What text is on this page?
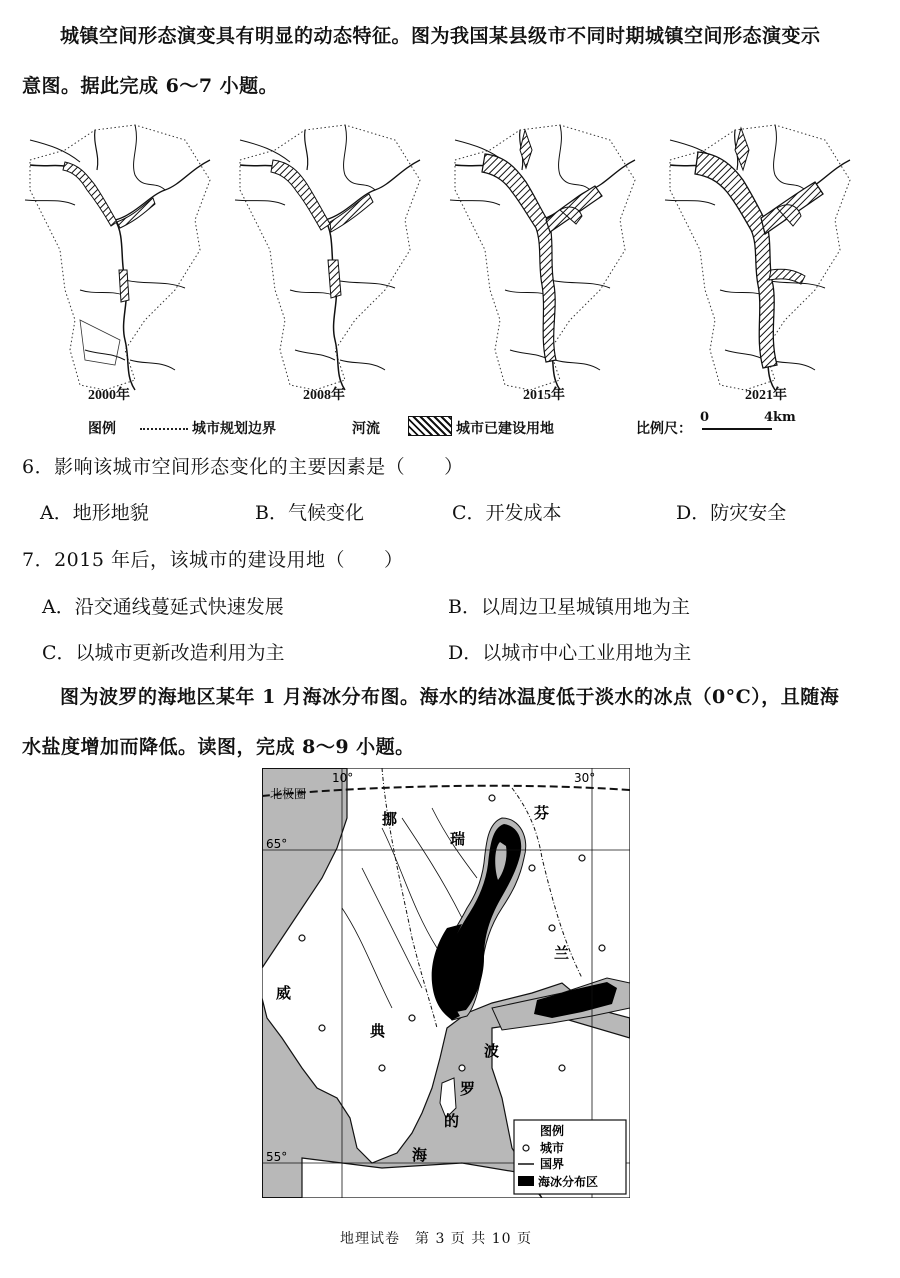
城镇空间形态演变具有明显的动态特征。图为我国某县级市不同时期城镇空间形态演变示
意图。据此完成 6～7 小题。
2000年	2008年	2015年	2021年
图例	城市规划边界	河流	城市已建设用地	比例尺：
0	4km
6．影响该城市空间形态变化的主要因素是（　　）
A．地形地貌	B．气候变化	C．开发成本	D．防灾安全
7．2015 年后，该城市的建设用地（　　）
A．沿交通线蔓延式快速发展	B．以周边卫星城镇用地为主
C．以城市更新改造利用为主	D．以城市中心工业用地为主
图为波罗的海地区某年 1 月海冰分布图。海水的结冰温度低于淡水的冰点（0°C），且随海
水盐度增加而降低。读图，完成 8～9 小题。
北极圈
10°	30°
65°
55°
挪
瑞
芬
兰
威
典
波
罗
的
海
图例
城市
国界
海冰分布区
地理试卷　第 3 页 共 10 页
